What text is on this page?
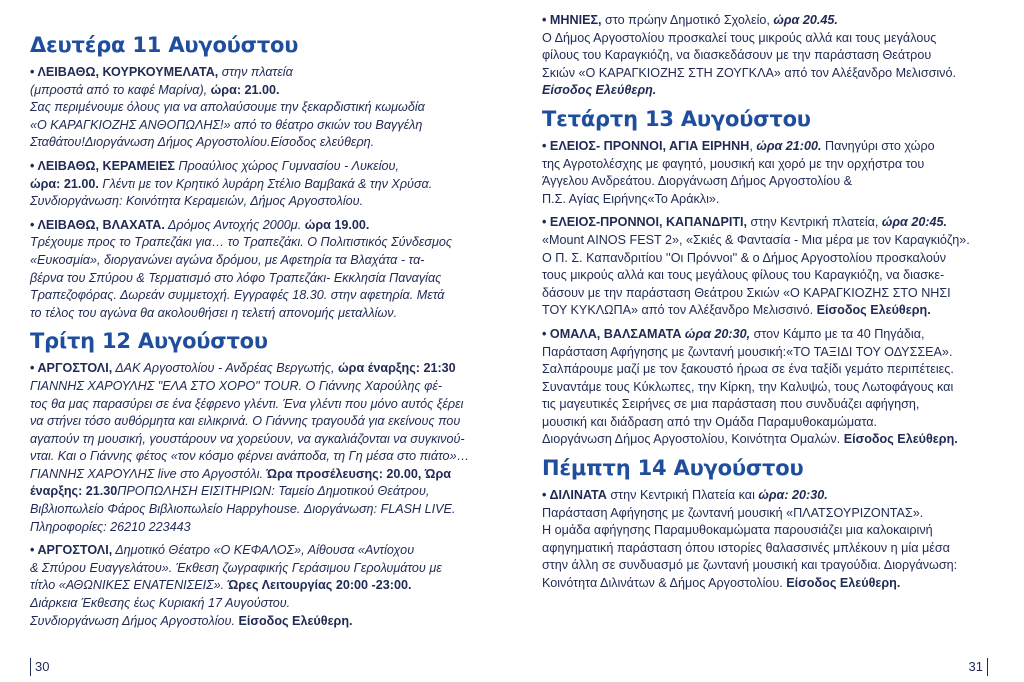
Δευτέρα 11 Αυγούστου
• ΛΕΙΒΑΘΩ, ΚΟΥΡΚΟΥΜΕΛΑΤΑ, στην πλατεία
(μπροστά από το καφέ Μαρίνα), ώρα: 21.00.
Σας περιμένουμε όλους για να απολαύσουμε την ξεκαρδιστική κωμωδία
«Ο ΚΑΡΑΓΚΙΟΖΗΣ ΑΝΘΟΠΩΛΗΣ!» από το θέατρο σκιών του Βαγγέλη
Σταθάτου!Διοργάνωση Δήμος Αργοστολίου.Είσοδος ελεύθερη.
• ΛΕΙΒΑΘΩ, ΚΕΡΑΜΕΙΕΣ Προαύλιος χώρος Γυμνασίου - Λυκείου,
ώρα: 21.00. Γλέντι με τον Κρητικό λυράρη Στέλιο Βαμβακά & την Χρύσα.
Συνδιοργάνωση: Κοινότητα Κεραμειών, Δήμος Αργοστολίου.
• ΛΕΙΒΑΘΩ, ΒΛΑΧΑΤΑ. Δρόμος Αντοχής 2000μ. ώρα 19.00.
Τρέχουμε προς το Τραπεζάκι για… το Τραπεζάκι. Ο Πολιτιστικός Σύνδεσμος
«Ευκοσμία», διοργανώνει αγώνα δρόμου, με Αφετηρία τα Βλαχάτα - τα-
βέρνα του Σπύρου & Τερματισμό στο λόφο Τραπεζάκι- Εκκλησία Παναγίας
Τραπεζοφόρας. Δωρεάν συμμετοχή. Εγγραφές 18.30. στην αφετηρία. Μετά
το τέλος του αγώνα θα ακολουθήσει η τελετή απονομής μεταλλίων.
Τρίτη 12 Αυγούστου
• ΑΡΓΟΣΤΟΛΙ, ΔΑΚ Αργοστολίου - Ανδρέας Βεργωτής, ώρα έναρξης: 21:30
ΓΙΑΝΝΗΣ ΧΑΡΟΥΛΗΣ "ΕΛΑ ΣΤΟ ΧΟΡΟ" TOUR. Ο Γιάννης Χαρούλης φέ-
τος θα μας παρασύρει σε ένα ξέφρενο γλέντι. Ένα γλέντι που μόνο αυτός ξέρει
να στήνει τόσο αυθόρμητα και ειλικρινά. Ο Γιάννης τραγουδά για εκείνους που
αγαπούν τη μουσική, γουστάρουν να χορεύουν, να αγκαλιάζονται να συγκινού-
νται. Και ο Γιάννης φέτος «τον κόσμο φέρνει ανάποδα, τη Γη μέσα στο πιάτο»…
ΓΙΑΝΝΗΣ ΧΑΡΟΥΛΗΣ live στο Αργοστόλι. Ώρα προσέλευσης: 20.00, Ώρα
έναρξης: 21.30ΠΡΟΠΩΛΗΣΗ ΕΙΣΙΤΗΡΙΩΝ: Ταμείο Δημοτικού Θεάτρου,
Βιβλιοπωλείο Φάρος Βιβλιοπωλείο Happyhouse. Διοργάνωση: FLASH LIVE.
Πληροφορίες: 26210 223443
• ΑΡΓΟΣΤΟΛΙ, Δημοτικό Θέατρο «Ο ΚΕΦΑΛΟΣ», Αίθουσα «Αντίοχου
& Σπύρου Ευαγγελάτου». Έκθεση ζωγραφικής Γεράσιμου Γερολυμάτου με
τίτλο «ΑΘΩΝΙΚΕΣ ΕΝΑΤΕΝΙΣΕΙΣ». Ώρες Λειτουργίας 20:00 -23:00.
Διάρκεια Έκθεσης έως Κυριακή 17 Αυγούστου.
Συνδιοργάνωση Δήμος Αργοστολίου. Είσοδος Ελεύθερη.
30
• ΜΗΝΙΕΣ, στο πρώην Δημοτικό Σχολείο, ώρα 20.45.
Ο Δήμος Αργοστολίου προσκαλεί τους μικρούς αλλά και τους μεγάλους
φίλους του Καραγκιόζη, να διασκεδάσουν με την παράσταση Θεάτρου
Σκιών «Ο ΚΑΡΑΓΚΙΟΖΗΣ ΣΤΗ ΖΟΥΓΚΛΑ» από τον Αλέξανδρο Μελισσινό.
Είσοδος Ελεύθερη.
Τετάρτη 13 Αυγούστου
• ΕΛΕΙΟΣ- ΠΡΟΝΝΟΙ, ΑΓΙΑ ΕΙΡΗΝΗ, ώρα 21:00. Πανηγύρι στο χώρο
της Αγροτολέσχης με φαγητό, μουσική και χορό με την ορχήστρα του
Άγγελου Ανδρεάτου. Διοργάνωση Δήμος Αργοστολίου &
Π.Σ. Αγίας Ειρήνης«Το Αράκλι».
• ΕΛΕΙΟΣ-ΠΡΟΝΝΟΙ, ΚΑΠΑΝΔΡΙΤΙ, στην Κεντρική πλατεία, ώρα 20:45.
«Mount AINOS FEST 2», «Σκιές & Φαντασία - Μια μέρα με τον Καραγκιόζη».
Ο Π. Σ. Καπανδριτίου ''Οι Πρόννοι'' & ο Δήμος Αργοστολίου προσκαλούν
τους μικρούς αλλά και τους μεγάλους φίλους του Καραγκιόζη, να διασκε-
δάσουν με την παράσταση Θεάτρου Σκιών «Ο ΚΑΡΑΓΚΙΟΖΗΣ ΣΤΟ ΝΗΣΙ
ΤΟΥ ΚΥΚΛΩΠΑ» από τον Αλέξανδρο Μελισσινό. Είσοδος Ελεύθερη.
• ΟΜΑΛΑ, ΒΑΛΣΑΜΑΤΑ ώρα 20:30, στον Κάμπο με τα 40 Πηγάδια,
Παράσταση Αφήγησης με ζωντανή μουσική:«ΤΟ ΤΑΞΙΔΙ ΤΟΥ ΟΔΥΣΣΕΑ».
Σαλπάρουμε μαζί με τον ξακουστό ήρωα σε ένα ταξίδι γεμάτο περιπέτειες.
Συναντάμε τους Κύκλωπες, την Κίρκη, την Καλυψώ, τους Λωτοφάγους και
τις μαγευτικές Σειρήνες σε μια παράσταση που συνδυάζει αφήγηση,
μουσική και διάδραση από την Ομάδα Παραμυθοκαμώματα.
Διοργάνωση Δήμος Αργοστολίου, Κοινότητα Ομαλών. Είσοδος Ελεύθερη.
Πέμπτη 14 Αυγούστου
• ΔΙΛΙΝΑΤΑ στην Κεντρική Πλατεία και ώρα: 20:30.
Παράσταση Αφήγησης με ζωντανή μουσική «ΠΛΑΤΣΟΥΡΙΖΟΝΤΑΣ».
Η ομάδα αφήγησης Παραμυθοκαμώματα παρουσιάζει μια καλοκαιρινή
αφηγηματική παράσταση όπου ιστορίες θαλασσινές μπλέκουν η μία μέσα
στην άλλη σε συνδυασμό με ζωντανή μουσική και τραγούδια. Διοργάνωση:
Κοινότητα Διλινάτων & Δήμος Αργοστολίου. Είσοδος Ελεύθερη.
31
